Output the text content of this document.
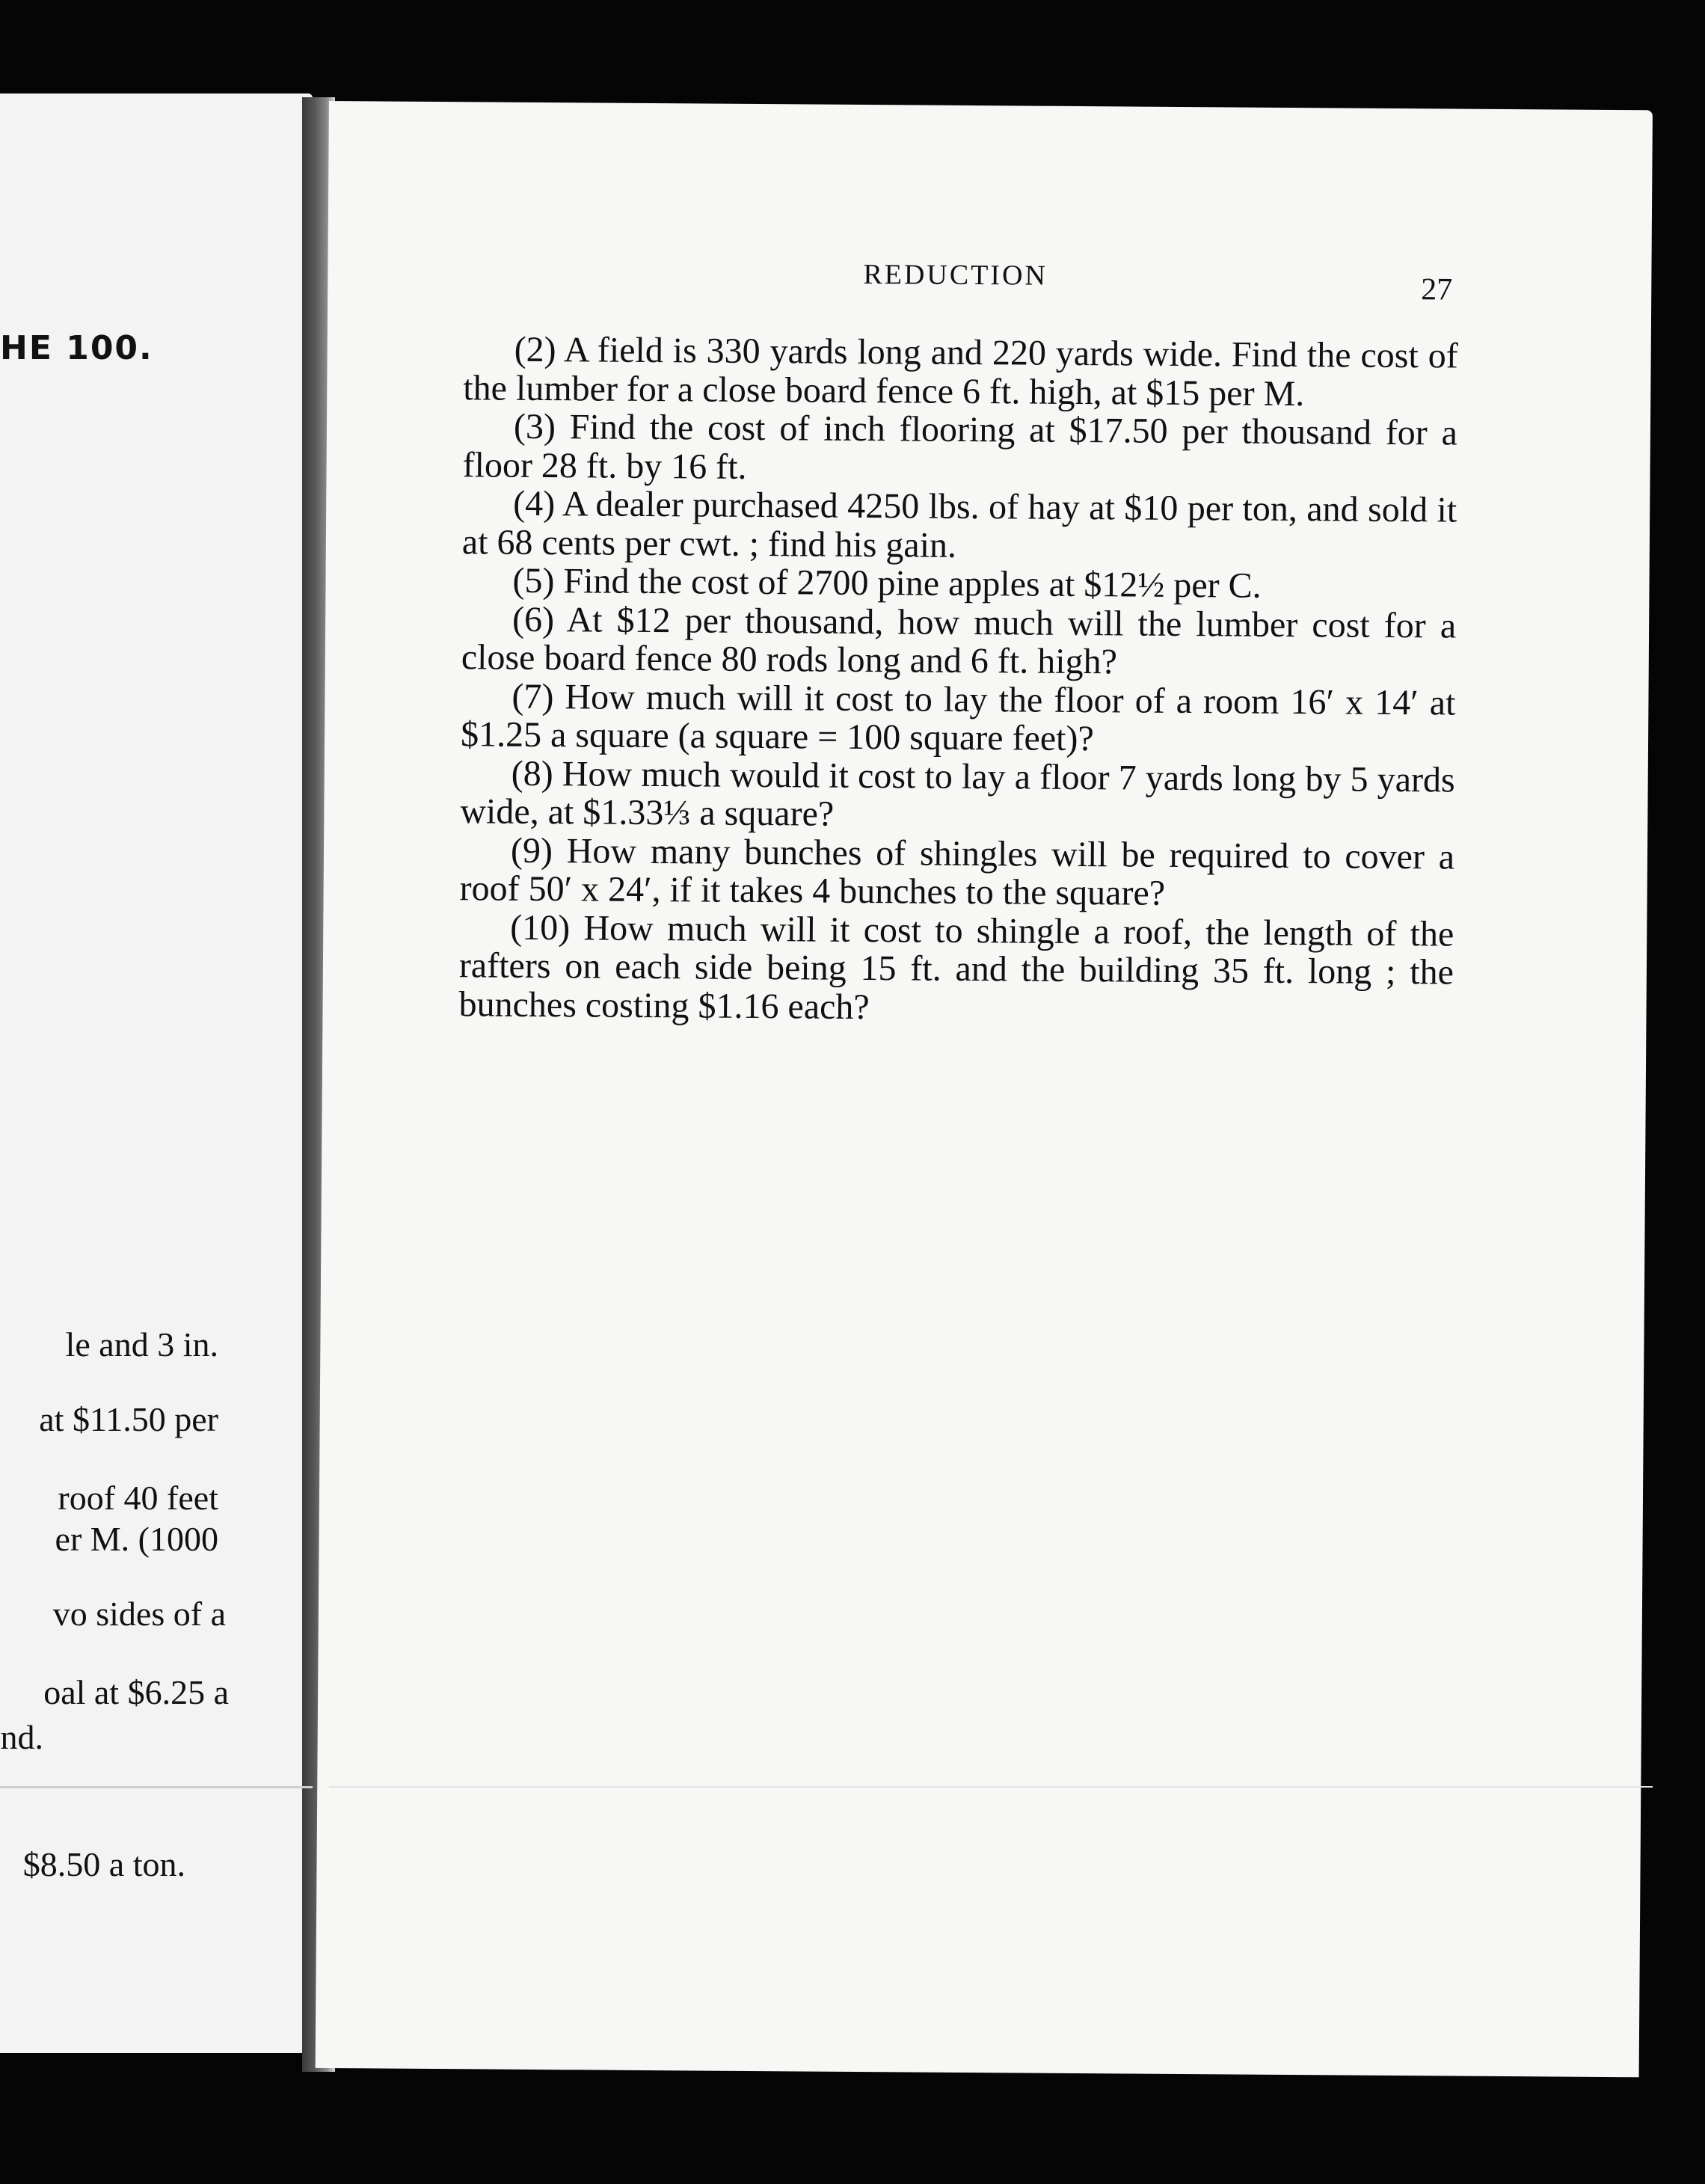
HE 100.
le and 3 in.
at $11.50 per
roof 40 feet
er M. (1000
vo sides of a
oal at $6.25 a
nd.
$8.50 a ton.
REDUCTION	27

(2) A field is 330 yards long and 220 yards wide. Find the cost of the lumber for a close board fence 6 ft. high, at $15 per M.

(3) Find the cost of inch flooring at $17.50 per thousand for a floor 28 ft. by 16 ft.

(4) A dealer purchased 4250 lbs. of hay at $10 per ton, and sold it at 68 cents per cwt. ; find his gain.

(5) Find the cost of 2700 pine apples at $12½ per C.

(6) At $12 per thousand, how much will the lumber cost for a close board fence 80 rods long and 6 ft. high?

(7) How much will it cost to lay the floor of a room 16′ x 14′ at $1.25 a square (a square = 100 square feet)?

(8) How much would it cost to lay a floor 7 yards long by 5 yards wide, at $1.33⅓ a square?

(9) How many bunches of shingles will be required to cover a roof 50′ x 24′, if it takes 4 bunches to the square?

(10) How much will it cost to shingle a roof, the length of the rafters on each side being 15 ft. and the building 35 ft. long ; the bunches costing $1.16 each?
